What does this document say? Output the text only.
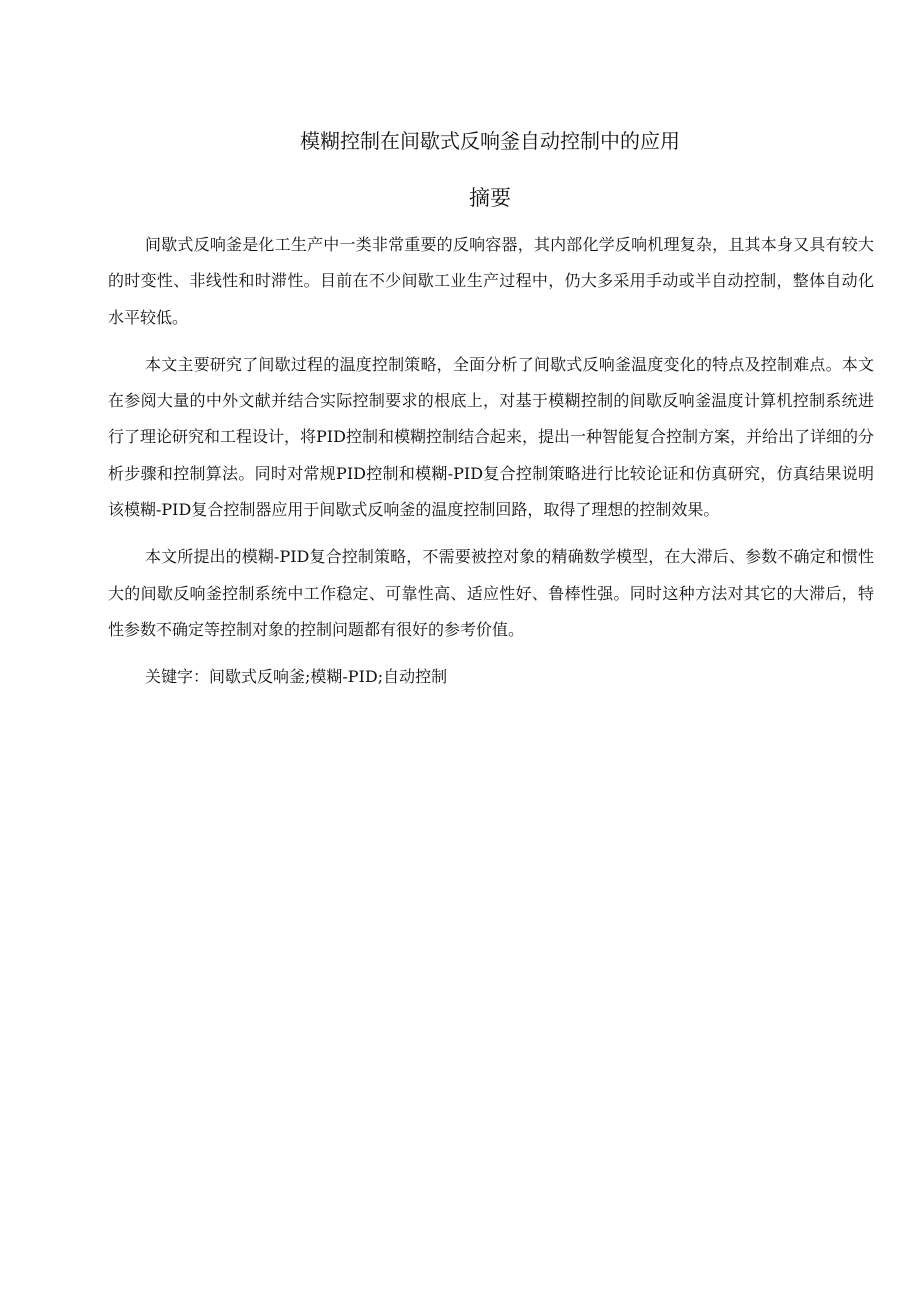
模糊控制在间歇式反响釜自动控制中的应用
摘要

间歇式反响釜是化工生产中一类非常重要的反响容器，其内部化学反响机理复杂，且其本身又具有较大的时变性、非线性和时滞性。目前在不少间歇工业生产过程中，仍大多采用手动或半自动控制，整体自动化水平较低。

本文主要研究了间歇过程的温度控制策略，全面分析了间歇式反响釜温度变化的特点及控制难点。本文在参阅大量的中外文献并结合实际控制要求的根底上，对基于模糊控制的间歇反响釜温度计算机控制系统进行了理论研究和工程设计，将PID控制和模糊控制结合起来，提出一种智能复合控制方案，并给出了详细的分析步骤和控制算法。同时对常规PID控制和模糊-PID复合控制策略进行比较论证和仿真研究，仿真结果说明该模糊-PID复合控制器应用于间歇式反响釜的温度控制回路，取得了理想的控制效果。

本文所提出的模糊-PID复合控制策略，不需要被控对象的精确数学模型，在大滞后、参数不确定和惯性大的间歇反响釜控制系统中工作稳定、可靠性高、适应性好、鲁棒性强。同时这种方法对其它的大滞后，特性参数不确定等控制对象的控制问题都有很好的参考价值。

关键字：间歇式反响釜;模糊-PID;自动控制
